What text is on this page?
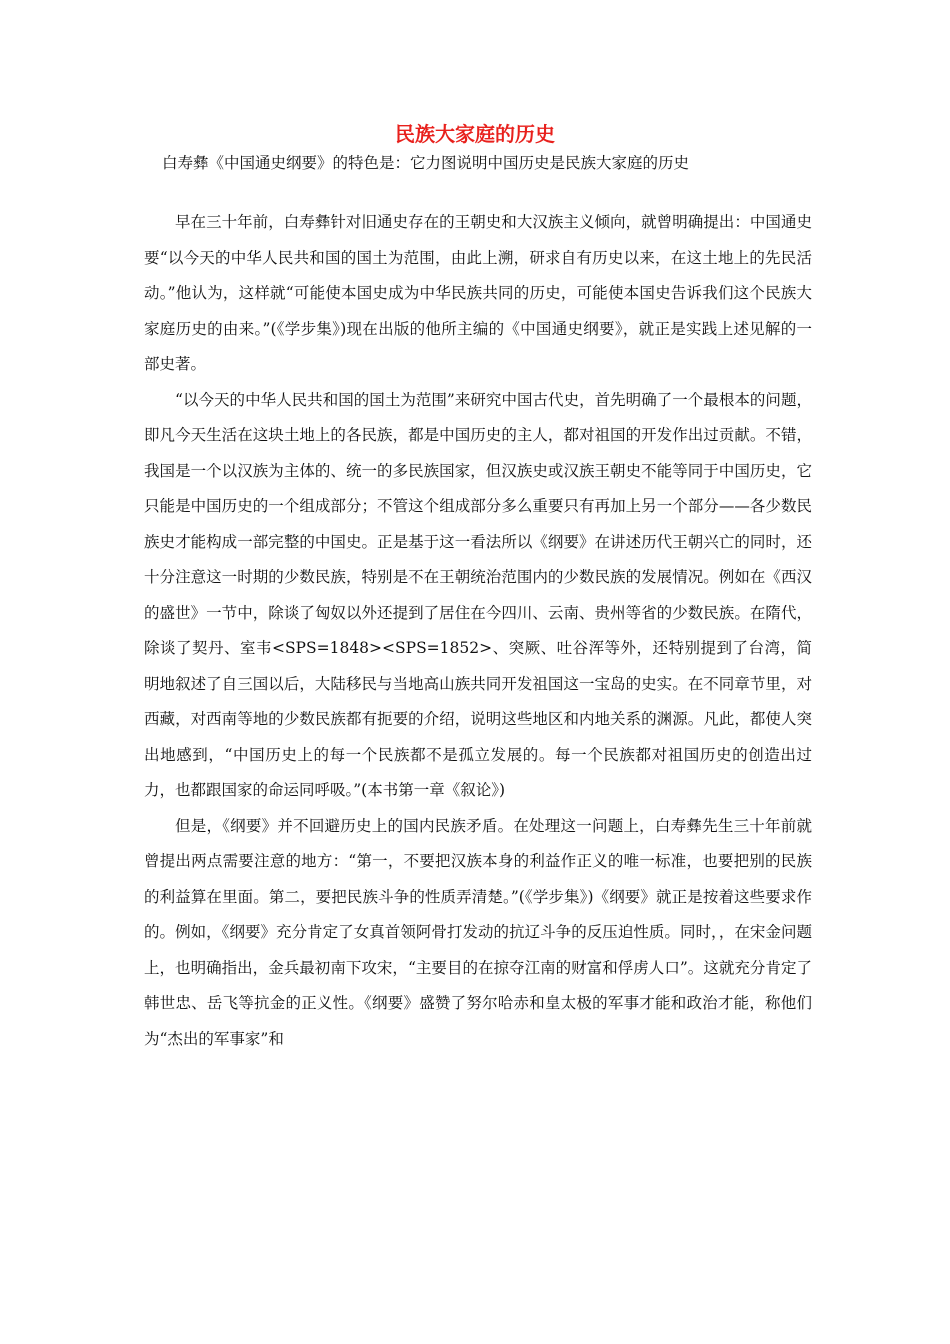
民族大家庭的历史
白寿彝《中国通史纲要》的特色是：它力图说明中国历史是民族大家庭的历史

早在三十年前，白寿彝针对旧通史存在的王朝史和大汉族主义倾向，就曾明确提出：中国通史要“以今天的中华人民共和国的国土为范围，由此上溯，研求自有历史以来，在这土地上的先民活动。”他认为，这样就“可能使本国史成为中华民族共同的历史，可能使本国史告诉我们这个民族大家庭历史的由来。”(《学步集》)现在出版的他所主编的《中国通史纲要》，就正是实践上述见解的一部史著。

“以今天的中华人民共和国的国土为范围”来研究中国古代史，首先明确了一个最根本的问题，即凡今天生活在这块土地上的各民族，都是中国历史的主人，都对祖国的开发作出过贡献。不错，我国是一个以汉族为主体的、统一的多民族国家，但汉族史或汉族王朝史不能等同于中国历史，它只能是中国历史的一个组成部分；不管这个组成部分多么重要只有再加上另一个部分——各少数民族史才能构成一部完整的中国史。正是基于这一看法所以《纲要》在讲述历代王朝兴亡的同时，还十分注意这一时期的少数民族，特别是不在王朝统治范围内的少数民族的发展情况。例如在《西汉的盛世》一节中，除谈了匈奴以外还提到了居住在今四川、云南、贵州等省的少数民族。在隋代，除谈了契丹、室韦<SPS=1848><SPS=1852>、突厥、吐谷浑等外，还特别提到了台湾，简明地叙述了自三国以后，大陆移民与当地高山族共同开发祖国这一宝岛的史实。在不同章节里，对西藏，对西南等地的少数民族都有扼要的介绍，说明这些地区和内地关系的渊源。凡此，都使人突出地感到，“中国历史上的每一个民族都不是孤立发展的。每一个民族都对祖国历史的创造出过力，也都跟国家的命运同呼吸。”(本书第一章《叙论》)

但是，《纲要》并不回避历史上的国内民族矛盾。在处理这一问题上，白寿彝先生三十年前就曾提出两点需要注意的地方：“第一，不要把汉族本身的利益作正义的唯一标准，也要把别的民族的利益算在里面。第二，要把民族斗争的性质弄清楚。”(《学步集》)《纲要》就正是按着这些要求作的。例如，《纲要》充分肯定了女真首领阿骨打发动的抗辽斗争的反压迫性质。同时，，在宋金问题上，也明确指出，金兵最初南下攻宋，“主要目的在掠夺江南的财富和俘虏人口”。这就充分肯定了韩世忠、岳飞等抗金的正义性。《纲要》盛赞了努尔哈赤和皇太极的军事才能和政治才能，称他们为“杰出的军事家”和
